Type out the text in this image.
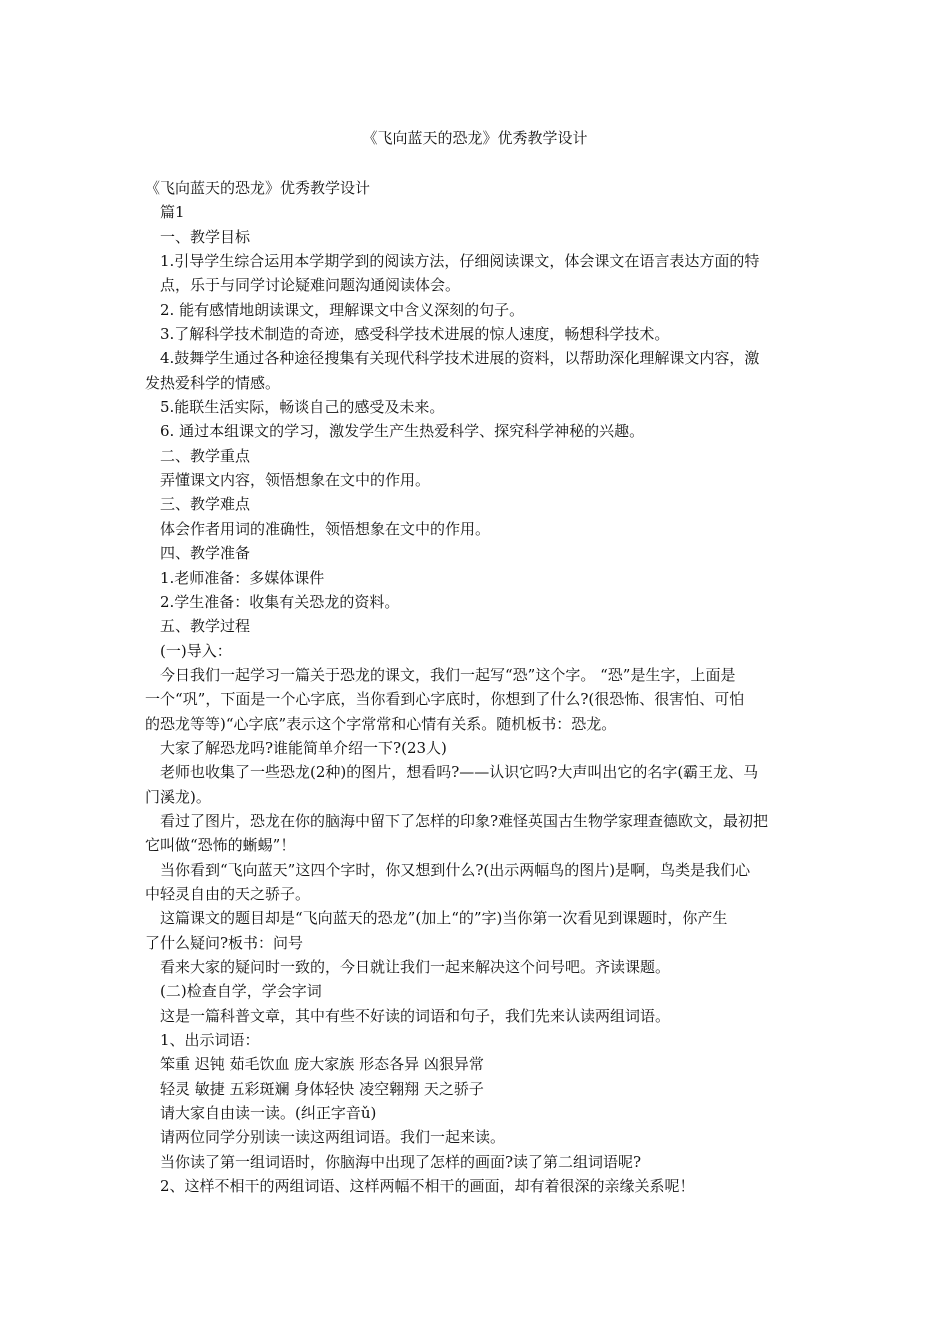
《飞向蓝天的恐龙》优秀教学设计
《飞向蓝天的恐龙》优秀教学设计
篇1
一、教学目标
1.引导学生综合运用本学期学到的阅读方法，仔细阅读课文，体会课文在语言表达方面的特
点，乐于与同学讨论疑难问题沟通阅读体会。
2. 能有感情地朗读课文，理解课文中含义深刻的句子。
3.了解科学技术制造的奇迹，感受科学技术进展的惊人速度，畅想科学技术。
4.鼓舞学生通过各种途径搜集有关现代科学技术进展的资料，以帮助深化理解课文内容，激
发热爱科学的情感。
5.能联生活实际，畅谈自己的感受及未来。
6. 通过本组课文的学习，激发学生产生热爱科学、探究科学神秘的兴趣。
二、教学重点
弄懂课文内容，领悟想象在文中的作用。
三、教学难点
体会作者用词的准确性，领悟想象在文中的作用。
四、教学准备
1.老师准备：多媒体课件
2.学生准备：收集有关恐龙的资料。
五、教学过程
(一)导入：
今日我们一起学习一篇关于恐龙的课文，我们一起写“恐”这个字。 “恐”是生字，上面是
一个“巩”，下面是一个心字底，当你看到心字底时，你想到了什么?(很恐怖、很害怕、可怕
的恐龙等等)“心字底”表示这个字常常和心情有关系。随机板书：恐龙。
大家了解恐龙吗?谁能简单介绍一下?(23人)
老师也收集了一些恐龙(2种)的图片，想看吗?——认识它吗?大声叫出它的名字(霸王龙、马
门溪龙)。
看过了图片，恐龙在你的脑海中留下了怎样的印象?难怪英国古生物学家理查德欧文，最初把
它叫做“恐怖的蜥蜴”！
当你看到“飞向蓝天”这四个字时，你又想到什么?(出示两幅鸟的图片)是啊，鸟类是我们心
中轻灵自由的天之骄子。
这篇课文的题目却是“飞向蓝天的恐龙”(加上“的”字)当你第一次看见到课题时，你产生
了什么疑问?板书：问号
看来大家的疑问时一致的，今日就让我们一起来解决这个问号吧。齐读课题。
(二)检查自学，学会字词
这是一篇科普文章，其中有些不好读的词语和句子，我们先来认读两组词语。
1、出示词语：
笨重 迟钝 茹毛饮血 庞大家族 形态各异 凶狠异常
轻灵 敏捷 五彩斑斓 身体轻快 凌空翱翔 天之骄子
请大家自由读一读。(纠正字音ǔ)
请两位同学分别读一读这两组词语。我们一起来读。
当你读了第一组词语时，你脑海中出现了怎样的画面?读了第二组词语呢?
2、这样不相干的两组词语、这样两幅不相干的画面，却有着很深的亲缘关系呢！
